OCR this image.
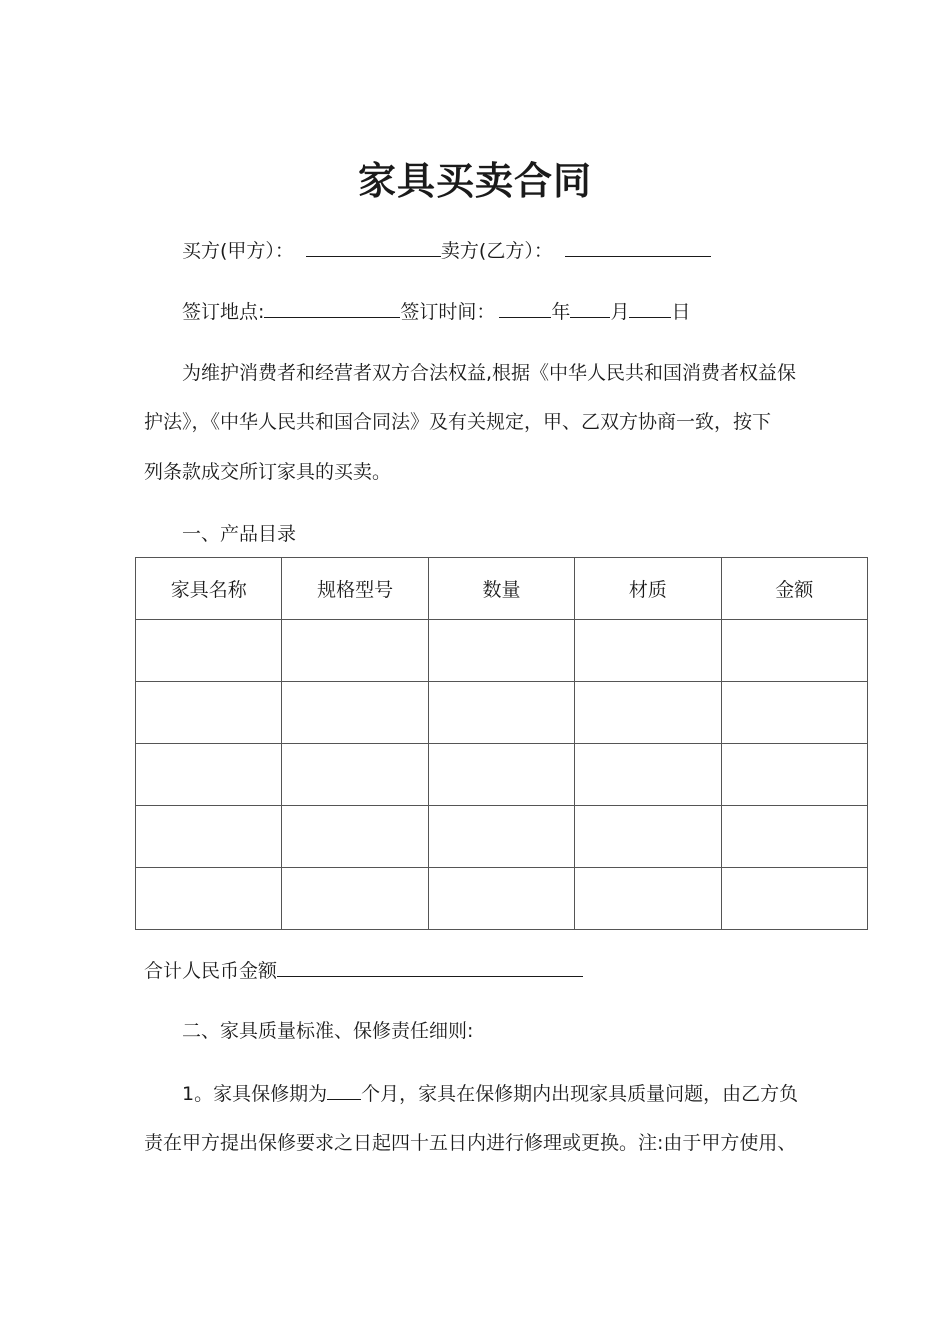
家具买卖合同
买方(甲方）：	卖方(乙方）：
签订地点:	签订时间：	年 月 日
为维护消费者和经营者双方合法权益,根据《中华人民共和国消费者权益保
护法》，《中华人民共和国合同法》及有关规定，甲、乙双方协商一致，按下
列条款成交所订家具的买卖。
一、产品目录
家具名称	规格型号	数量	材质	金额

合计人民币金额
二、家具质量标准、保修责任细则:
1。家具保修期为 个月，家具在保修期内出现家具质量问题，由乙方负
责在甲方提出保修要求之日起四十五日内进行修理或更换。注:由于甲方使用、
